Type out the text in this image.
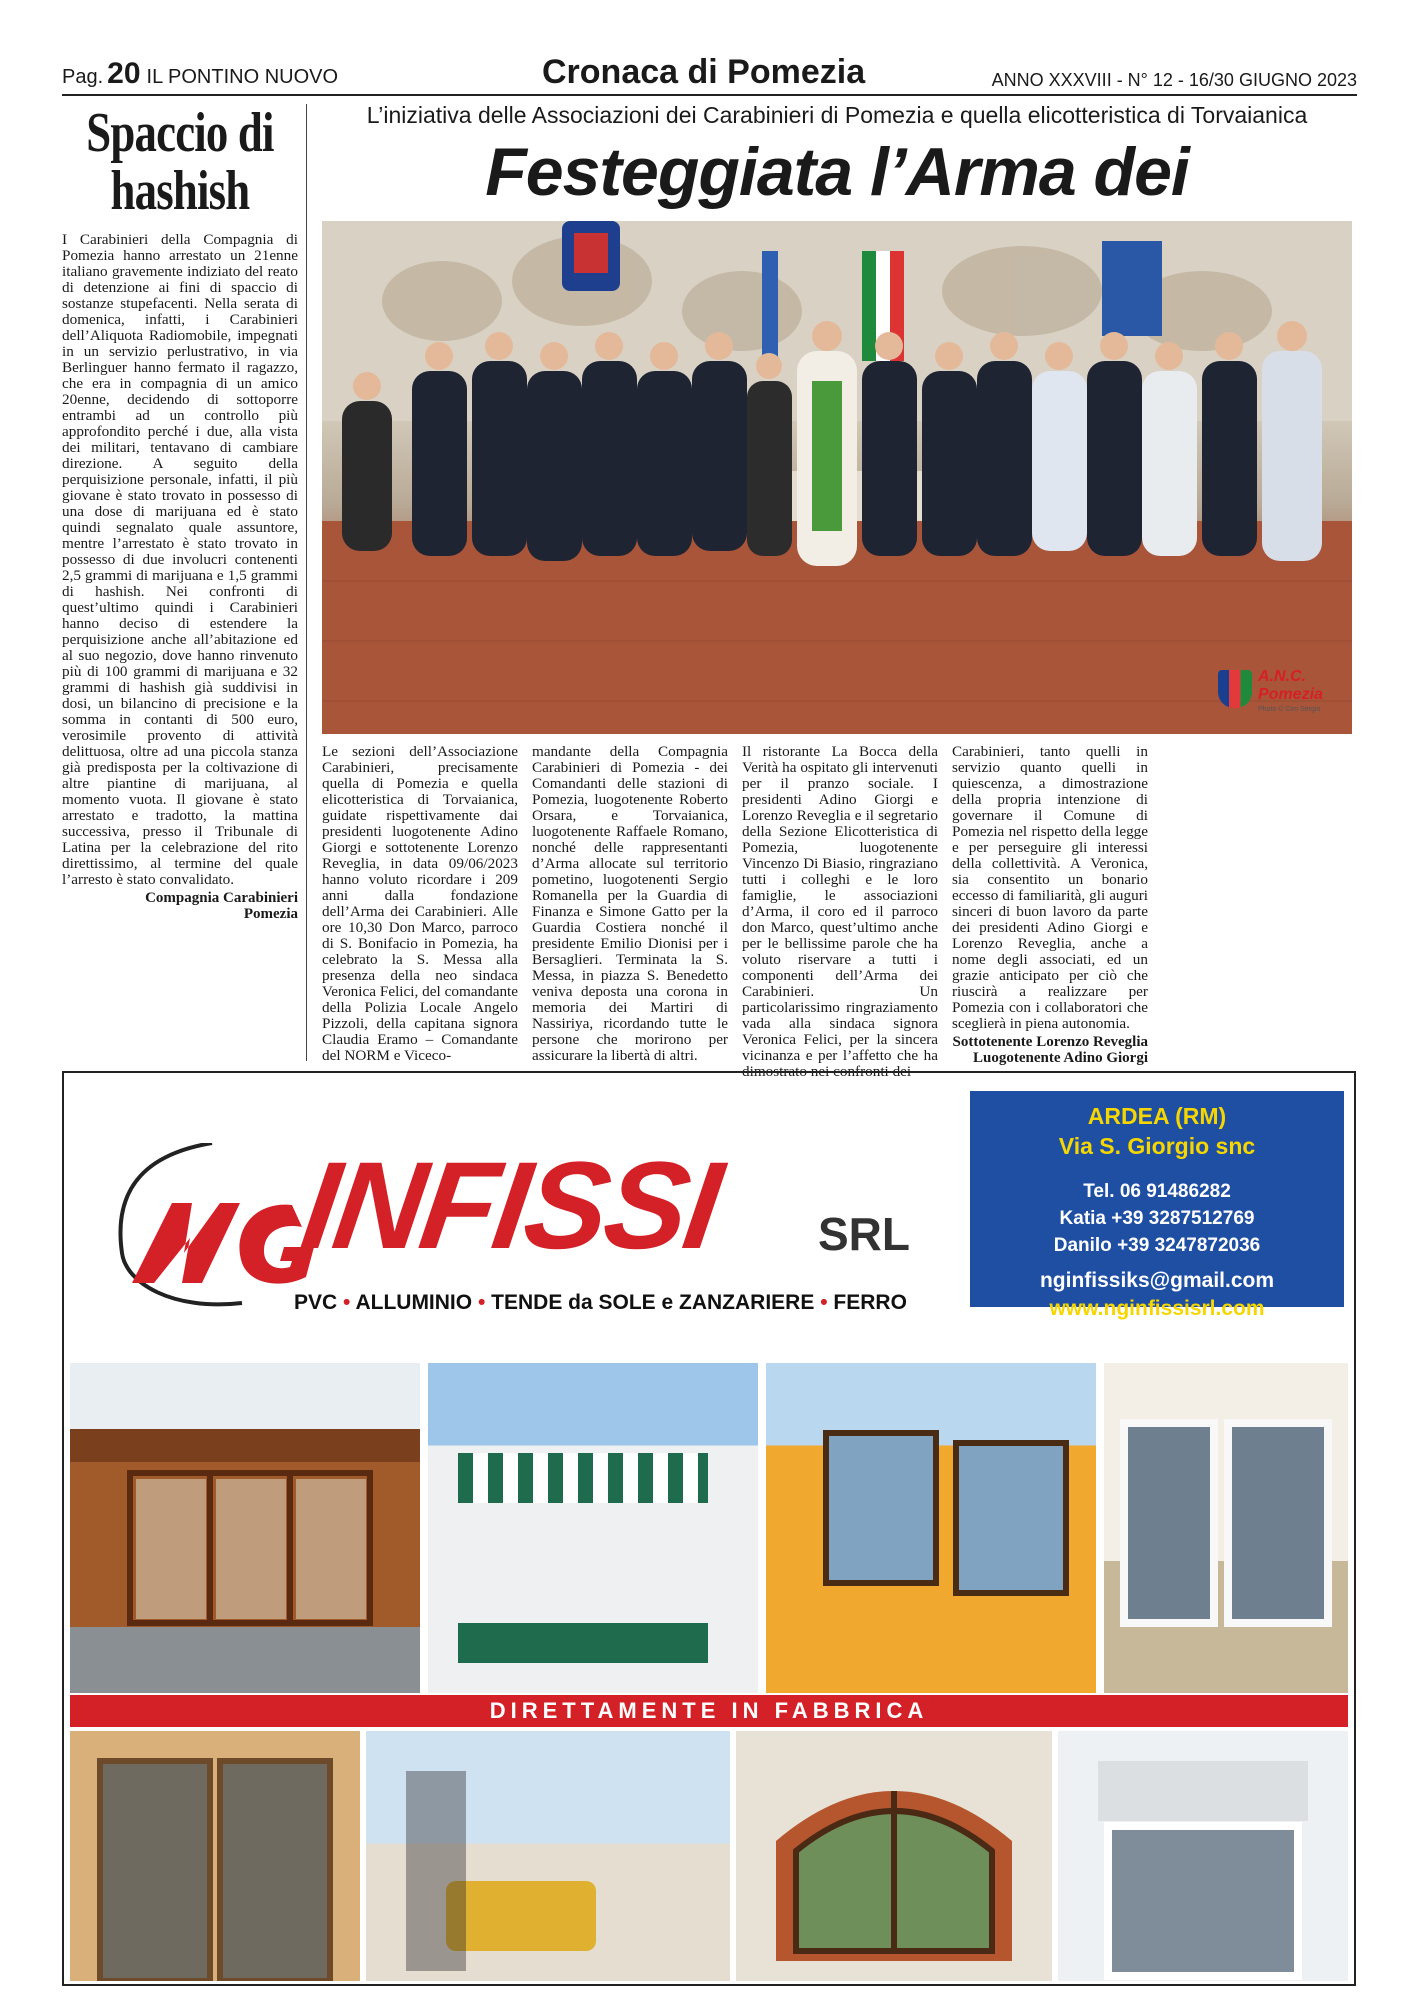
Pag. 20 IL PONTINO NUOVO	Cronaca di Pomezia	ANNO XXXVIII - N° 12 - 16/30 GIUGNO 2023
Spaccio di hashish

I Carabinieri della Compagnia di Pomezia hanno arrestato un 21enne italiano gravemente indiziato del reato di detenzione ai fini di spaccio di sostanze stupefacenti. Nella serata di domenica, infatti, i Carabinieri dell’Aliquota Radiomobile, impegnati in un servizio perlustrativo, in via Berlinguer hanno fermato il ragazzo, che era in compagnia di un amico 20enne, decidendo di sottoporre entrambi ad un controllo più approfondito perché i due, alla vista dei militari, tentavano di cambiare direzione. A seguito della perquisizione personale, infatti, il più giovane è stato trovato in possesso di una dose di marijuana ed è stato quindi segnalato quale assuntore, mentre l’arrestato è stato trovato in possesso di due involucri contenenti 2,5 grammi di marijuana e 1,5 grammi di hashish. Nei confronti di quest’ultimo quindi i Carabinieri hanno deciso di estendere la perquisizione anche all’abitazione ed al suo negozio, dove hanno rinvenuto più di 100 grammi di marijuana e 32 grammi di hashish già suddivisi in dosi, un bilancino di precisione e la somma in contanti di 500 euro, verosimile provento di attività delittuosa, oltre ad una piccola stanza già predisposta per la coltivazione di altre piantine di marijuana, al momento vuota. Il giovane è stato arrestato e tradotto, la mattina successiva, presso il Tribunale di Latina per la celebrazione del rito direttissimo, al termine del quale l’arresto è stato convalidato.

Compagnia Carabinieri
Pomezia
L’iniziativa delle Associazioni dei Carabinieri di Pomezia e quella elicotteristica di Torvaianica
Festeggiata l’Arma dei
A.N.C.
Pomezia
Photo © Ciro Sergio

Le sezioni dell’Associazione Carabinieri, precisamente quella di Pomezia e quella elicotteristica di Torvaianica, guidate rispettivamente dai presidenti luogotenente Adino Giorgi e sottotenente Lorenzo Reveglia, in data 09/06/2023 hanno voluto ricordare i 209 anni dalla fondazione dell’Arma dei Carabinieri. Alle ore 10,30 Don Marco, parroco di S. Bonifacio in Pomezia, ha celebrato la S. Messa alla presenza della neo sindaca Veronica Felici, del comandante della Polizia Locale Angelo Pizzoli, della capitana signora Claudia Eramo – Comandante del NORM e Viceco-

mandante della Compagnia Carabinieri di Pomezia - dei Comandanti delle stazioni di Pomezia, luogotenente Roberto Orsara, e Torvaianica, luogotenente Raffaele Romano, nonché delle rappresentanti d’Arma allocate sul territorio pometino, luogotenenti Sergio Romanella per la Guardia di Finanza e Simone Gatto per la Guardia Costiera nonché il presidente Emilio Dionisi per i Bersaglieri. Terminata la S. Messa, in piazza S. Benedetto veniva deposta una corona in memoria dei Martiri di Nassiriya, ricordando tutte le persone che morirono per assicurare la libertà di altri.

Il ristorante La Bocca della Verità ha ospitato gli intervenuti per il pranzo sociale. I presidenti Adino Giorgi e Lorenzo Reveglia e il segretario della Sezione Elicotteristica di Pomezia, luogotenente Vincenzo Di Biasio, ringraziano tutti i colleghi e le loro famiglie, le associazioni d’Arma, il coro ed il parroco don Marco, quest’ultimo anche per le bellissime parole che ha voluto riservare a tutti i componenti dell’Arma dei Carabinieri. Un particolarissimo ringraziamento vada alla sindaca signora Veronica Felici, per la sincera vicinanza e per l’affetto che ha dimostrato nei confronti dei

Carabinieri, tanto quelli in servizio quanto quelli in quiescenza, a dimostrazione della propria intenzione di governare il Comune di Pomezia nel rispetto della legge e per perseguire gli interessi della collettività. A Veronica, sia consentito un bonario eccesso di familiarità, gli auguri sinceri di buon lavoro da parte dei presidenti Adino Giorgi e Lorenzo Reveglia, anche a nome degli associati, ed un grazie anticipato per ciò che riuscirà a realizzare per Pomezia con i collaboratori che sceglierà in piena autonomia.

Sottotenente Lorenzo Reveglia
Luogotenente Adino Giorgi
INFISSI SRL
PVC • ALLUMINIO • TENDE da SOLE e ZANZARIERE • FERRO
ARDEA (RM)
Via S. Giorgio snc
Tel. 06 91486282
Katia +39 3287512769
Danilo +39 3247872036
nginfissiks@gmail.com
www.nginfissisrl.com
DIRETTAMENTE IN FABBRICA
